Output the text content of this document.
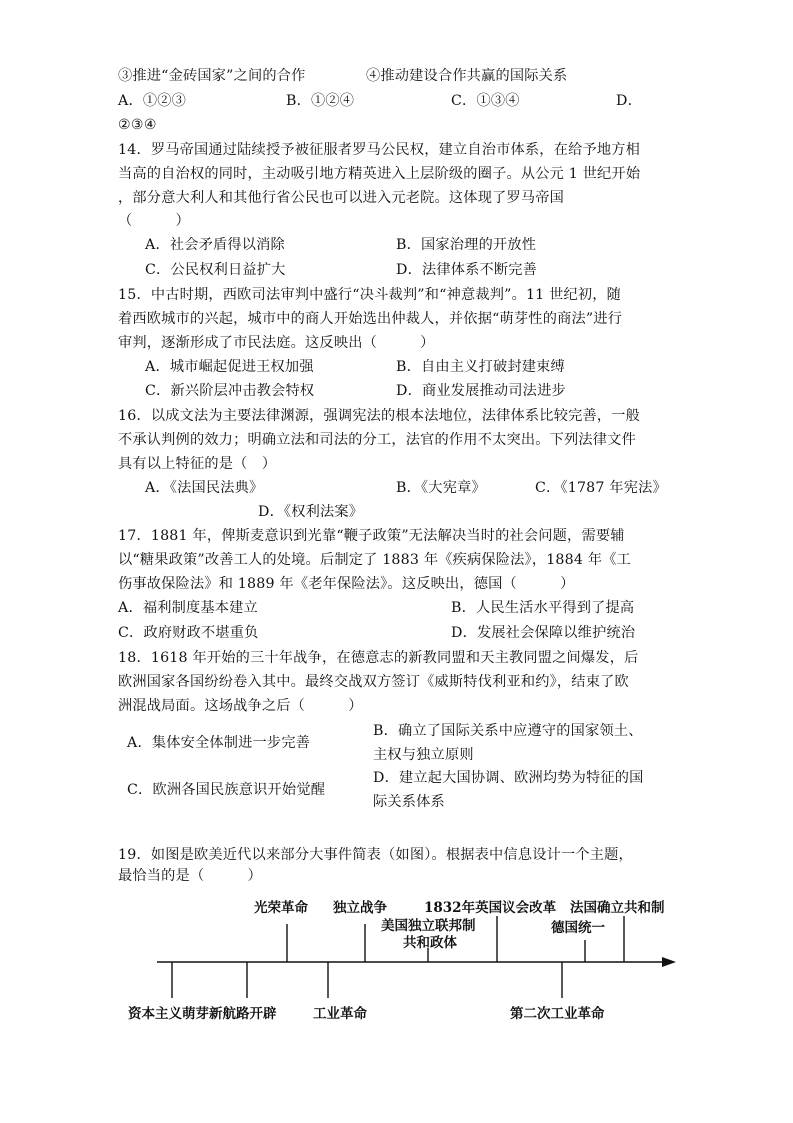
③推进“金砖国家”之间的合作	④推动建设合作共赢的国际关系
A．①②③	B．①②④	C．①③④	D．
②③④
14．罗马帝国通过陆续授予被征服者罗马公民权，建立自治市体系，在给予地方相
当高的自治权的同时，主动吸引地方精英进入上层阶级的圈子。从公元 1 世纪开始
，部分意大利人和其他行省公民也可以进入元老院。这体现了罗马帝国
（　　　）
A．社会矛盾得以消除	B．国家治理的开放性
C．公民权利日益扩大	D．法律体系不断完善
15．中古时期，西欧司法审判中盛行“决斗裁判”和“神意裁判”。11 世纪初，随
着西欧城市的兴起，城市中的商人开始选出仲裁人，并依据“萌芽性的商法”进行
审判，逐渐形成了市民法庭。这反映出（　　　）
A．城市崛起促进王权加强	B．自由主义打破封建束缚
C．新兴阶层冲击教会特权	D．商业发展推动司法进步
16．以成文法为主要法律渊源，强调宪法的根本法地位，法律体系比较完善，一般
不承认判例的效力；明确立法和司法的分工，法官的作用不太突出。下列法律文件
具有以上特征的是（　）
A．《法国民法典》	B．《大宪章》	C．《1787 年宪法》
D．《权利法案》
17．1881 年，俾斯麦意识到光靠“鞭子政策”无法解决当时的社会问题，需要辅
以“糖果政策”改善工人的处境。后制定了 1883 年《疾病保险法》，1884 年《工
伤事故保险法》和 1889 年《老年保险法》。这反映出，德国（　　　）
A．福利制度基本建立	B．人民生活水平得到了提高
C．政府财政不堪重负	D．发展社会保障以维护统治
18．1618 年开始的三十年战争，在德意志的新教同盟和天主教同盟之间爆发，后
欧洲国家各国纷纷卷入其中。最终交战双方签订《威斯特伐利亚和约》，结束了欧
洲混战局面。这场战争之后（　　　）
A．集体安全体制进一步完善
B．确立了国际关系中应遵守的国家领土、
主权与独立原则
C．欧洲各国民族意识开始觉醒
D．建立起大国协调、欧洲均势为特征的国
际关系体系
19．如图是欧美近代以来部分大事件简表（如图）。根据表中信息设计一个主题，
最恰当的是（　　　）
光荣革命 独立战争
美国独立联邦制
共和政体
1832年英国议会改革 法国确立共和制
德国统一
资本主义萌芽新航路开辟	工业革命	第二次工业革命
